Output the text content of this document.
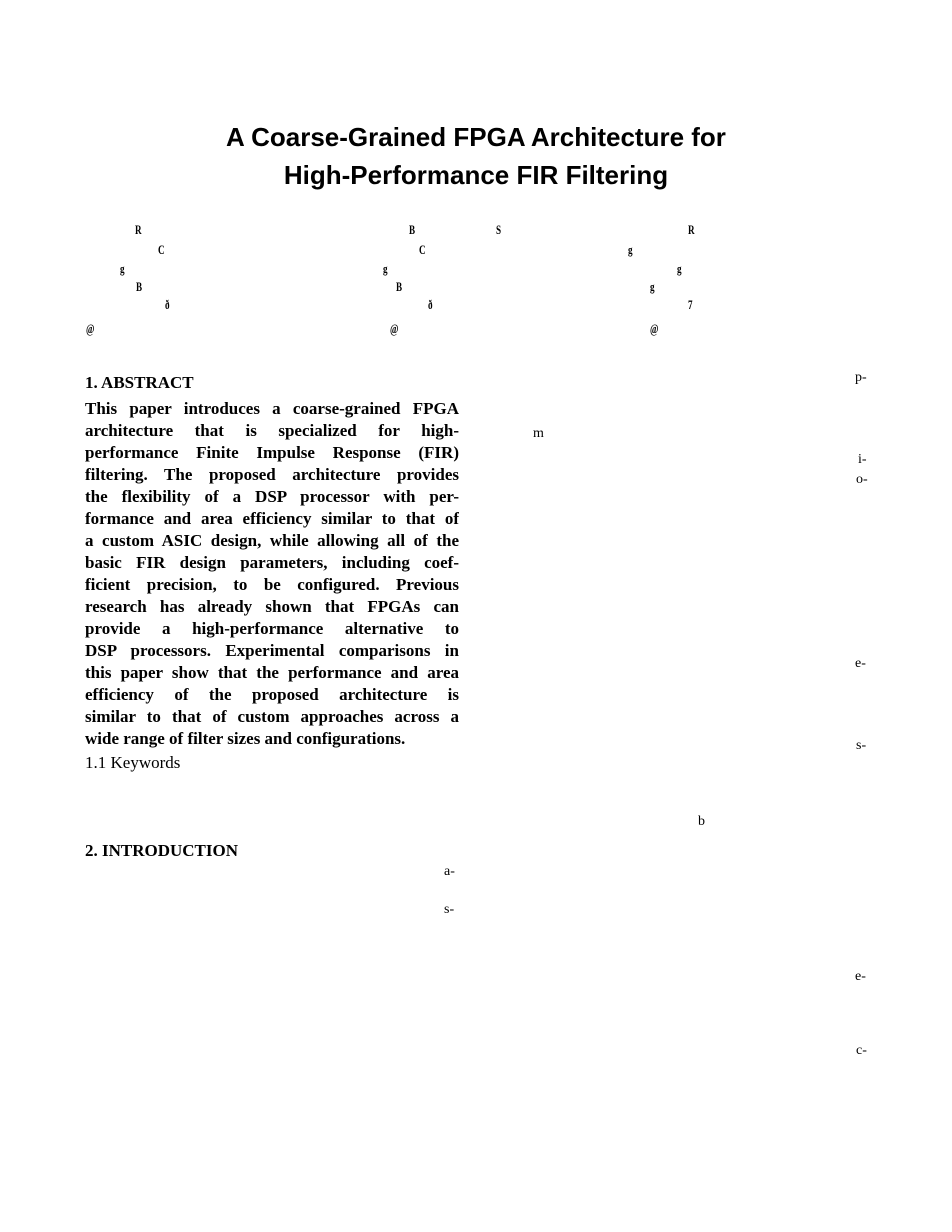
A Coarse-Grained FPGA Architecture for
High-Performance FIR Filtering
R
C
g
B
ð
@
B
C
g
B
ð
@
S
g
R
g
g
7
@
1. ABSTRACT
This paper introduces a coarse-grained FPGA
architecture that is specialized for high-
performance Finite Impulse Response (FIR)
filtering. The proposed architecture provides
the flexibility of a DSP processor with per-
formance and area efficiency similar to that of
a custom ASIC design, while allowing all of the
basic FIR design parameters, including coef-
ficient precision, to be configured. Previous
research has already shown that FPGAs can
provide a high-performance alternative to
DSP processors. Experimental comparisons in
this paper show that the performance and area
efficiency of the proposed architecture is
similar to that of custom approaches across a
wide range of filter sizes and configurations.
1.1 Keywords
2. INTRODUCTION
a-
s-
p-
m
i-
o-
e-
s-
b
e-
c-
